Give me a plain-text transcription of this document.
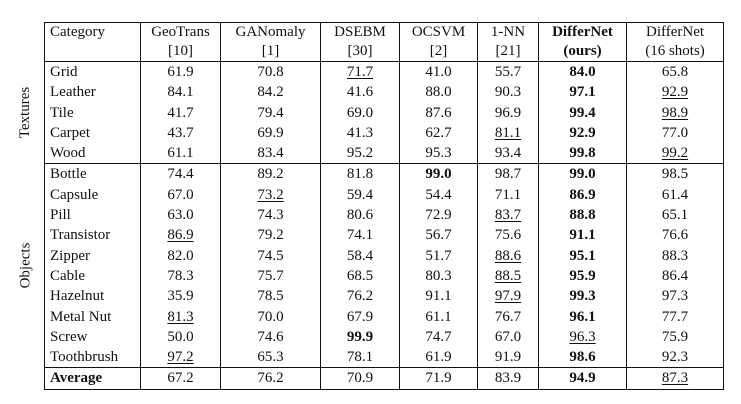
Textures
Objects
Category	GeoTrans	GANomaly	DSEBM	OCSVM	1-NN	DifferNet	DifferNet
	[10]	[1]	[30]	[2]	[21]	(ours)	(16 shots)
Grid	61.9	70.8	71.7	41.0	55.7	84.0	65.8
Leather	84.1	84.2	41.6	88.0	90.3	97.1	92.9
Tile	41.7	79.4	69.0	87.6	96.9	99.4	98.9
Carpet	43.7	69.9	41.3	62.7	81.1	92.9	77.0
Wood	61.1	83.4	95.2	95.3	93.4	99.8	99.2
Bottle	74.4	89.2	81.8	99.0	98.7	99.0	98.5
Capsule	67.0	73.2	59.4	54.4	71.1	86.9	61.4
Pill	63.0	74.3	80.6	72.9	83.7	88.8	65.1
Transistor	86.9	79.2	74.1	56.7	75.6	91.1	76.6
Zipper	82.0	74.5	58.4	51.7	88.6	95.1	88.3
Cable	78.3	75.7	68.5	80.3	88.5	95.9	86.4
Hazelnut	35.9	78.5	76.2	91.1	97.9	99.3	97.3
Metal Nut	81.3	70.0	67.9	61.1	76.7	96.1	77.7
Screw	50.0	74.6	99.9	74.7	67.0	96.3	75.9
Toothbrush	97.2	65.3	78.1	61.9	91.9	98.6	92.3
Average	67.2	76.2	70.9	71.9	83.9	94.9	87.3
